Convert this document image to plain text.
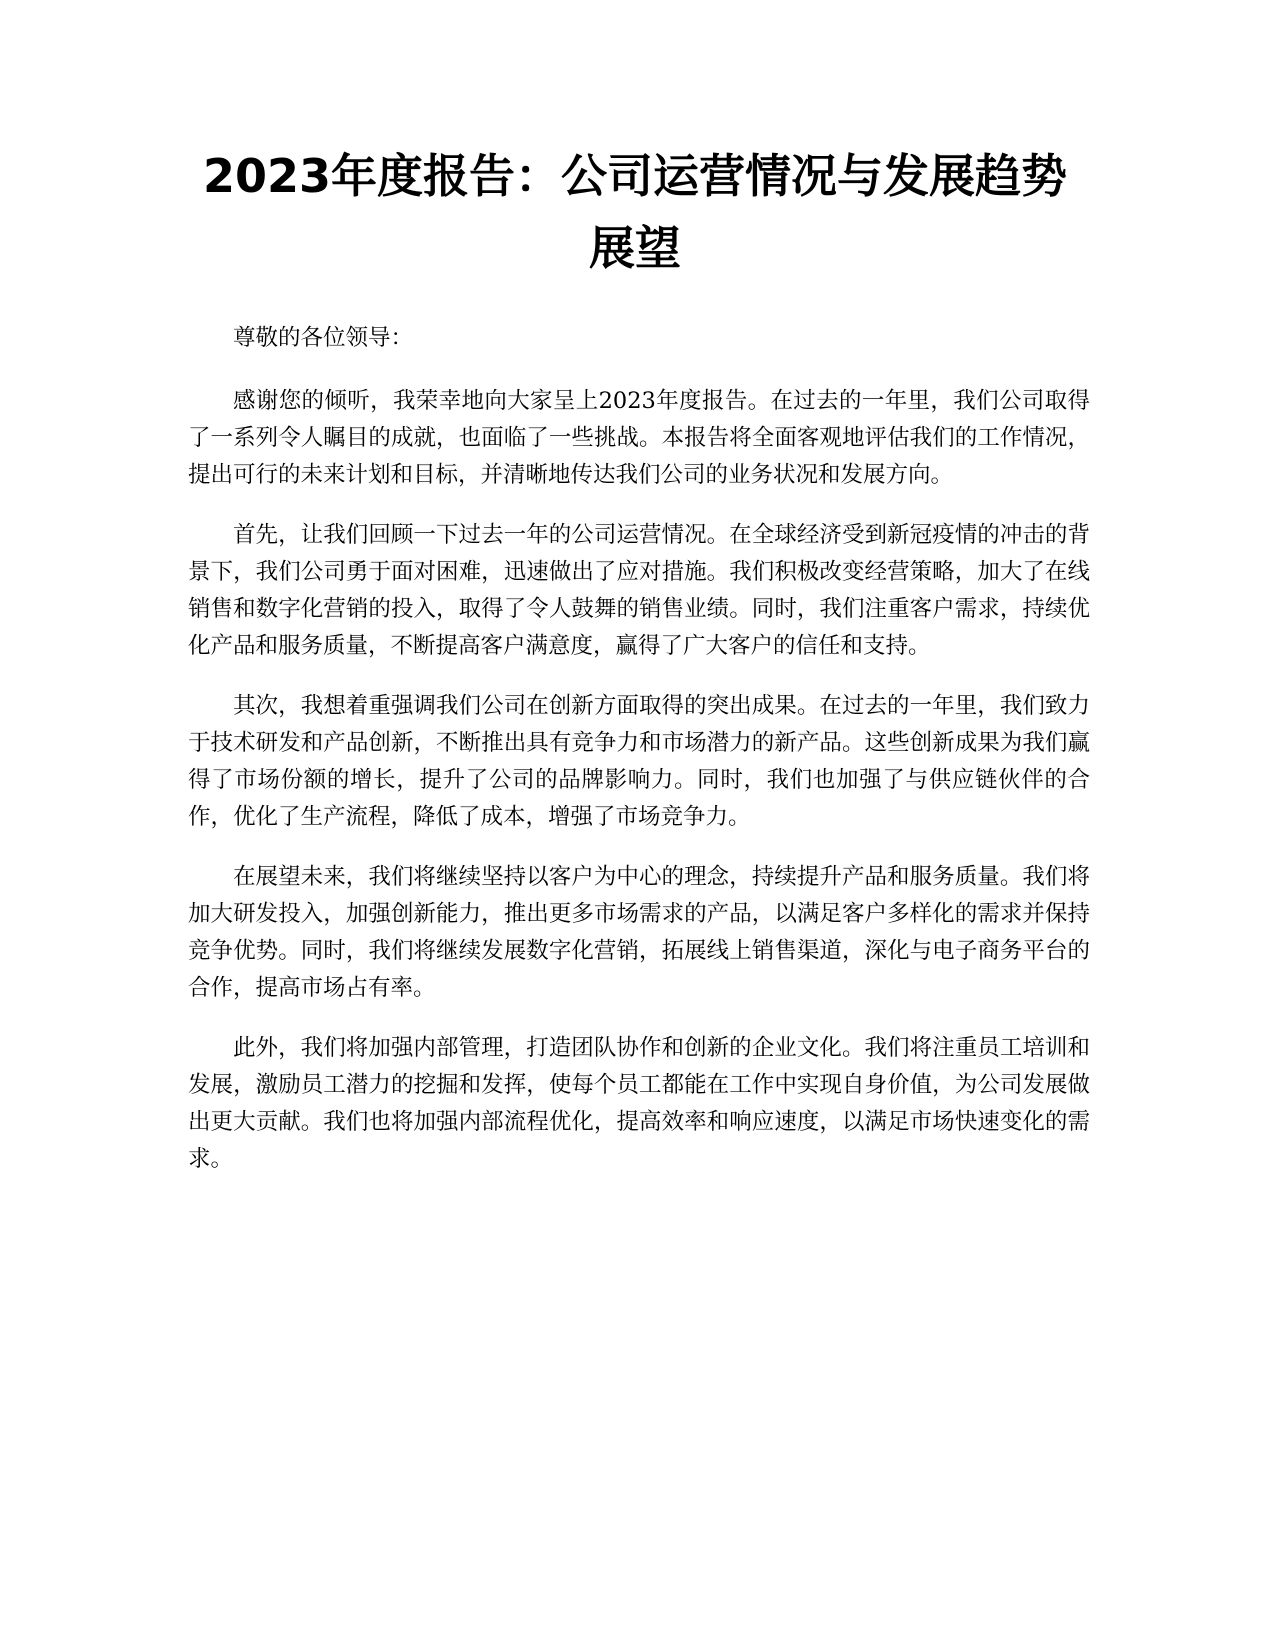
2023年度报告：公司运营情况与发展趋势展望

尊敬的各位领导：

感谢您的倾听，我荣幸地向大家呈上2023年度报告。在过去的一年里，我们公司取得了一系列令人瞩目的成就，也面临了一些挑战。本报告将全面客观地评估我们的工作情况，提出可行的未来计划和目标，并清晰地传达我们公司的业务状况和发展方向。

首先，让我们回顾一下过去一年的公司运营情况。在全球经济受到新冠疫情的冲击的背景下，我们公司勇于面对困难，迅速做出了应对措施。我们积极改变经营策略，加大了在线销售和数字化营销的投入，取得了令人鼓舞的销售业绩。同时，我们注重客户需求，持续优化产品和服务质量，不断提高客户满意度，赢得了广大客户的信任和支持。

其次，我想着重强调我们公司在创新方面取得的突出成果。在过去的一年里，我们致力于技术研发和产品创新，不断推出具有竞争力和市场潜力的新产品。这些创新成果为我们赢得了市场份额的增长，提升了公司的品牌影响力。同时，我们也加强了与供应链伙伴的合作，优化了生产流程，降低了成本，增强了市场竞争力。

在展望未来，我们将继续坚持以客户为中心的理念，持续提升产品和服务质量。我们将加大研发投入，加强创新能力，推出更多市场需求的产品，以满足客户多样化的需求并保持竞争优势。同时，我们将继续发展数字化营销，拓展线上销售渠道，深化与电子商务平台的合作，提高市场占有率。

此外，我们将加强内部管理，打造团队协作和创新的企业文化。我们将注重员工培训和发展，激励员工潜力的挖掘和发挥，使每个员工都能在工作中实现自身价值，为公司发展做出更大贡献。我们也将加强内部流程优化，提高效率和响应速度，以满足市场快速变化的需求。
